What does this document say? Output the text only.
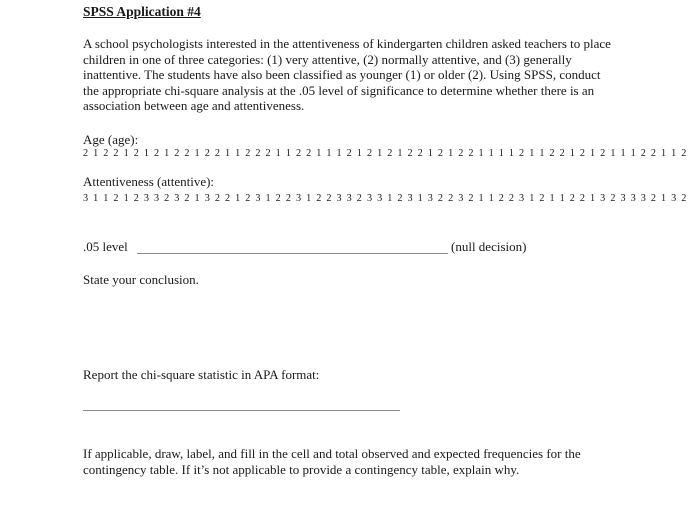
SPSS Application #4

A school psychologists interested in the attentiveness of kindergarten children asked teachers to place children in one of three categories: (1) very attentive, (2) normally attentive, and (3) generally inattentive. The students have also been classified as younger (1) or older (2). Using SPSS, conduct the appropriate chi-square analysis at the .05 level of significance to determine whether there is an association between age and attentiveness.

Age (age):
2 1 2 2 1 2 1 2 1 2 2 1 2 2 1 1 2 2 2 1 1 2 2 1 1 1 2 1 2 1 2 1 2 2 1 2 1 2 2 1 1 1 1 2 1 1 2 2 1 2 1 2 1 1 1 2 2 1 1 2
Attentiveness (attentive):
3 1 1 2 1 2 3 3 2 3 2 1 3 2 2 1 2 3 1 2 2 3 1 2 2 3 3 2 3 3 1 2 3 1 3 2 2 3 2 1 1 2 2 3 1 2 1 1 2 2 1 3 2 3 3 3 2 1 3 2
.05 level	(null decision)
State your conclusion.
Report the chi-square statistic in APA format:

If applicable, draw, label, and fill in the cell and total observed and expected frequencies for the contingency table. If it’s not applicable to provide a contingency table, explain why.
